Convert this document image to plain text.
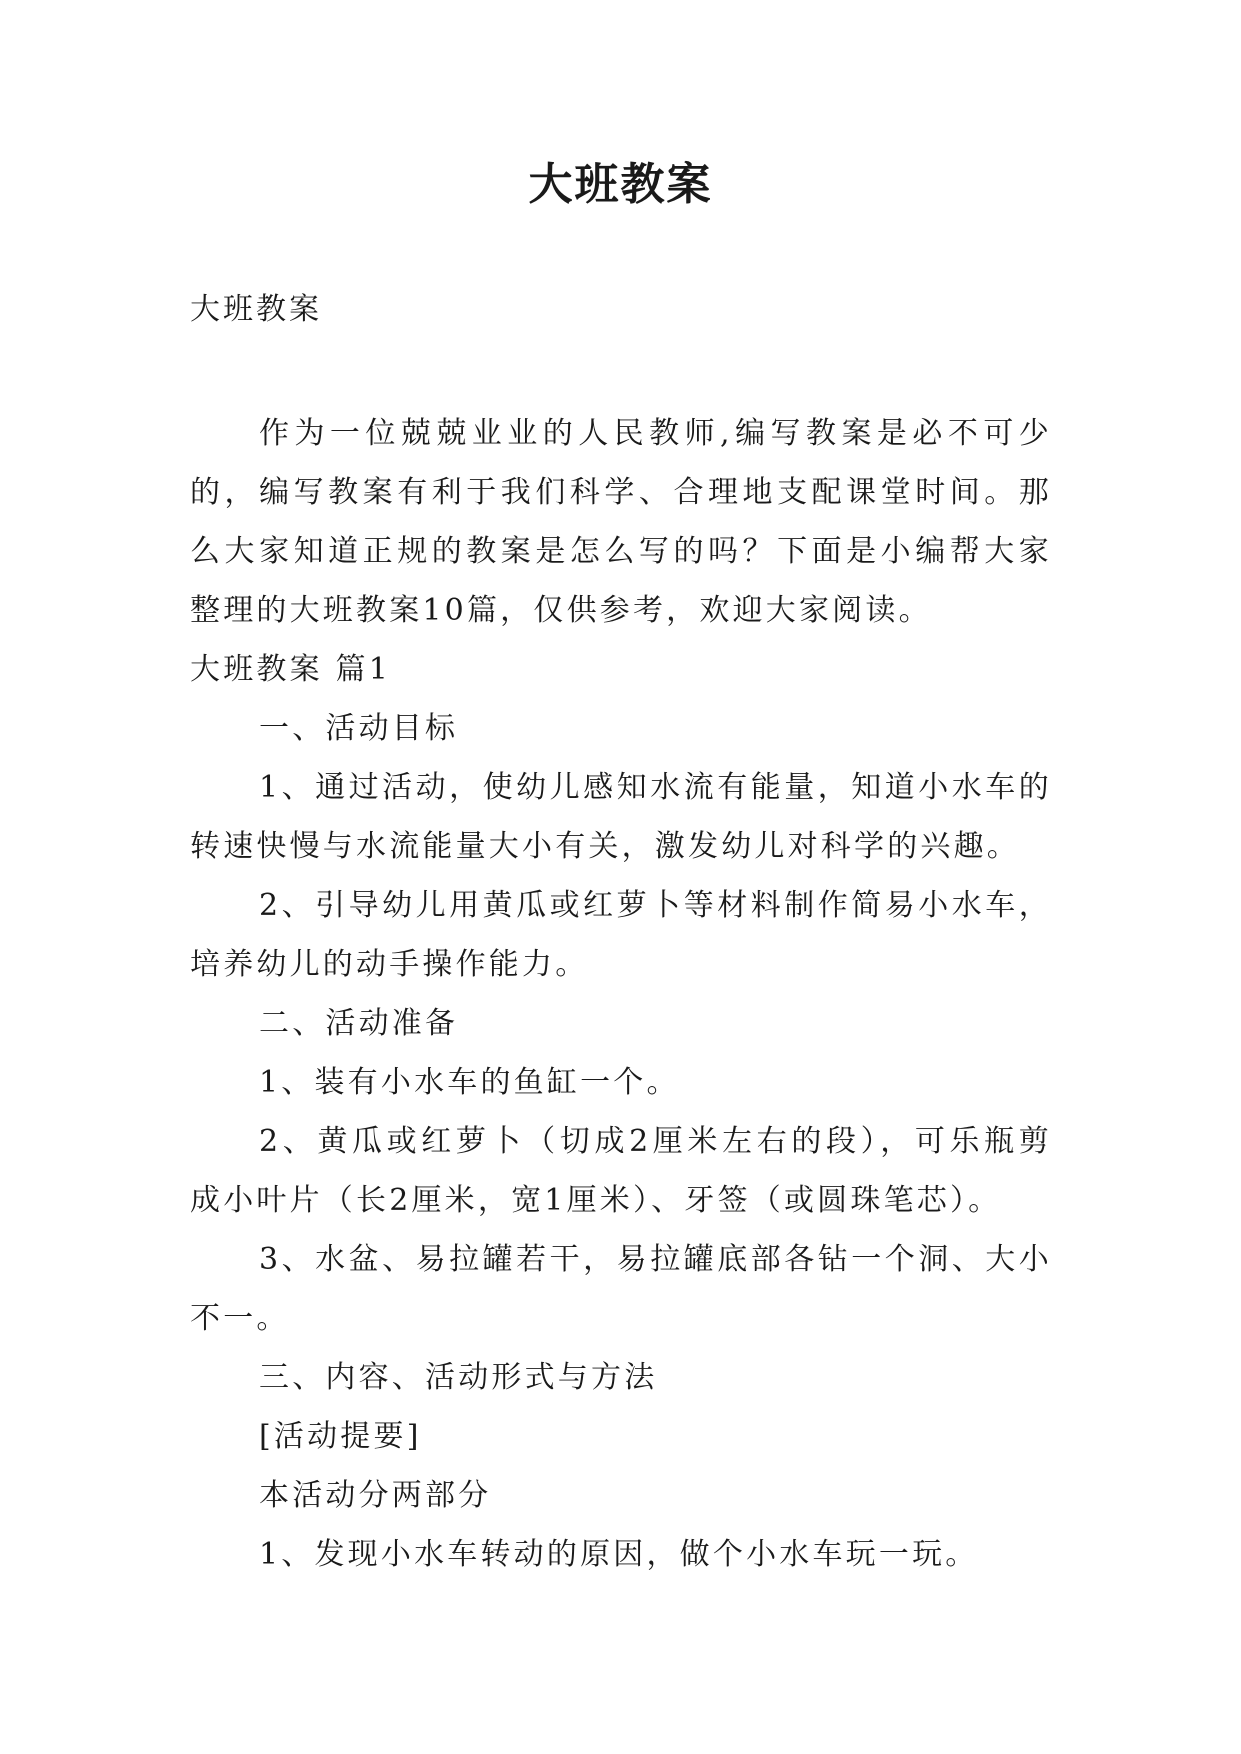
大班教案

大班教案

作为一位兢兢业业的人民教师,编写教案是必不可少的，编写教案有利于我们科学、合理地支配课堂时间。那么大家知道正规的教案是怎么写的吗？下面是小编帮大家整理的大班教案10篇，仅供参考，欢迎大家阅读。

大班教案 篇1

一、活动目标

1、通过活动，使幼儿感知水流有能量，知道小水车的转速快慢与水流能量大小有关，激发幼儿对科学的兴趣。

2、引导幼儿用黄瓜或红萝卜等材料制作简易小水车，培养幼儿的动手操作能力。

二、活动准备

1、装有小水车的鱼缸一个。

2、黄瓜或红萝卜（切成2厘米左右的段），可乐瓶剪成小叶片（长2厘米，宽1厘米）、牙签（或圆珠笔芯）。

3、水盆、易拉罐若干，易拉罐底部各钻一个洞、大小不一。

三、内容、活动形式与方法

[活动提要]

本活动分两部分

1、发现小水车转动的原因，做个小水车玩一玩。
